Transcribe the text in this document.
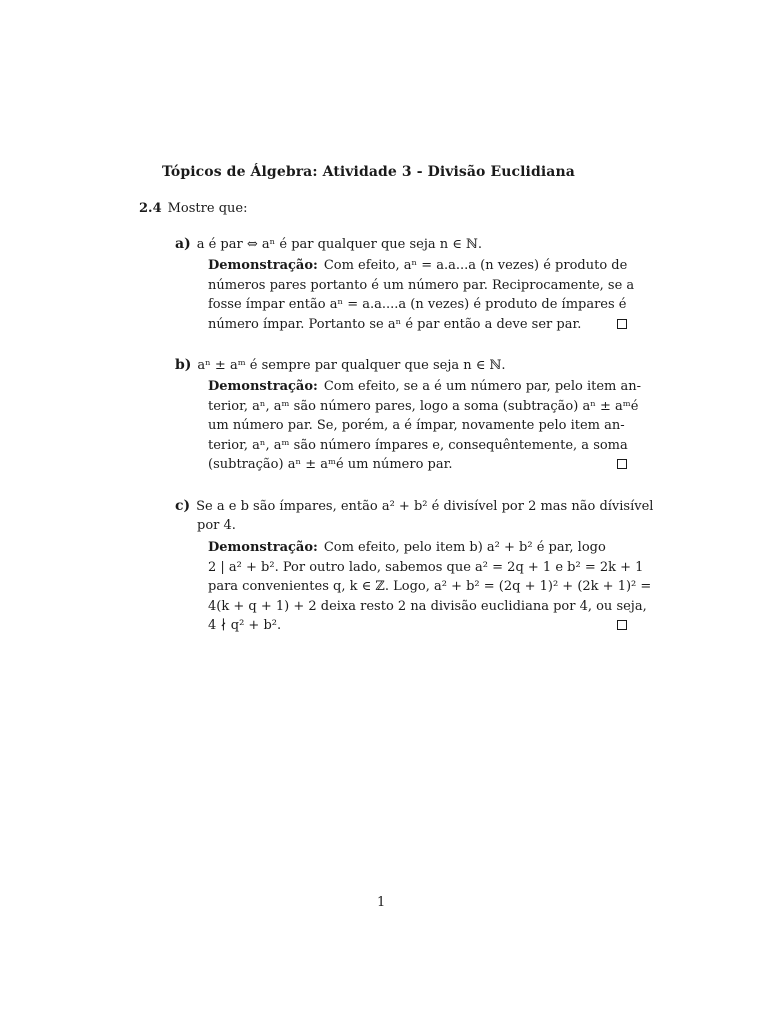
Tópicos de Álgebra: Atividade 3 - Divisão Euclidiana
2.4 Mostre que:
a) a é par ⇔ aⁿ é par qualquer que seja n ∈ ℕ.
Demonstração: Com efeito, aⁿ = a.a...a (n vezes) é produto de
números pares portanto é um número par. Reciprocamente, se a
fosse ímpar então aⁿ = a.a....a (n vezes) é produto de ímpares é
número ímpar. Portanto se aⁿ é par então a deve ser par.
b) aⁿ ± aᵐ é sempre par qualquer que seja n ∈ ℕ.
Demonstração: Com efeito, se a é um número par, pelo item an-
terior, aⁿ, aᵐ são número pares, logo a soma (subtração) aⁿ ± aᵐé
um número par. Se, porém, a é ímpar, novamente pelo item an-
terior, aⁿ, aᵐ são número ímpares e, consequêntemente, a soma
(subtração) aⁿ ± aᵐé um número par.
c) Se a e b são ímpares, então a² + b² é divisível por 2 mas não dívisível
por 4.
Demonstração: Com efeito, pelo item b) a² + b² é par, logo
2 | a² + b². Por outro lado, sabemos que a² = 2q + 1 e b² = 2k + 1
para convenientes q, k ∈ ℤ. Logo, a² + b² = (2q + 1)² + (2k + 1)² =
4(k + q + 1) + 2 deixa resto 2 na divisão euclidiana por 4, ou seja,
4 ∤ q² + b².
1
